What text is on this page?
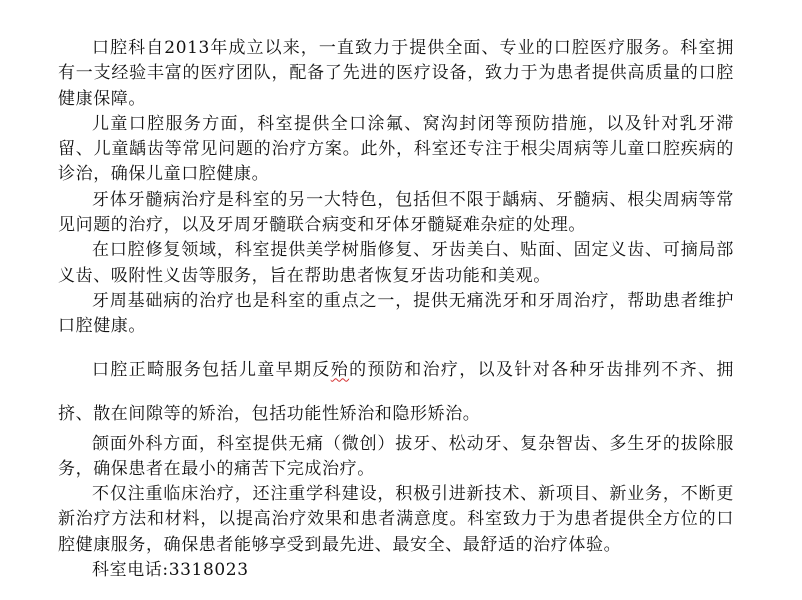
口腔科自2013年成立以来，一直致力于提供全面、专业的口腔医疗服务。科室拥有一支经验丰富的医疗团队，配备了先进的医疗设备，致力于为患者提供高质量的口腔健康保障。

儿童口腔服务方面，科室提供全口涂氟、窝沟封闭等预防措施，以及针对乳牙滞留、儿童龋齿等常见问题的治疗方案。此外，科室还专注于根尖周病等儿童口腔疾病的诊治，确保儿童口腔健康。

牙体牙髓病治疗是科室的另一大特色，包括但不限于龋病、牙髓病、根尖周病等常见问题的治疗，以及牙周牙髓联合病变和牙体牙髓疑难杂症的处理。

在口腔修复领域，科室提供美学树脂修复、牙齿美白、贴面、固定义齿、可摘局部义齿、吸附性义齿等服务，旨在帮助患者恢复牙齿功能和美观。

牙周基础病的治疗也是科室的重点之一，提供无痛洗牙和牙周治疗，帮助患者维护口腔健康。

口腔正畸服务包括儿童早期反殆的预防和治疗，以及针对各种牙齿排列不齐、拥挤、散在间隙等的矫治，包括功能性矫治和隐形矫治。

颌面外科方面，科室提供无痛（微创）拔牙、松动牙、复杂智齿、多生牙的拔除服务，确保患者在最小的痛苦下完成治疗。

不仅注重临床治疗，还注重学科建设，积极引进新技术、新项目、新业务，不断更新治疗方法和材料，以提高治疗效果和患者满意度。科室致力于为患者提供全方位的口腔健康服务，确保患者能够享受到最先进、最安全、最舒适的治疗体验。

科室电话:3318023
